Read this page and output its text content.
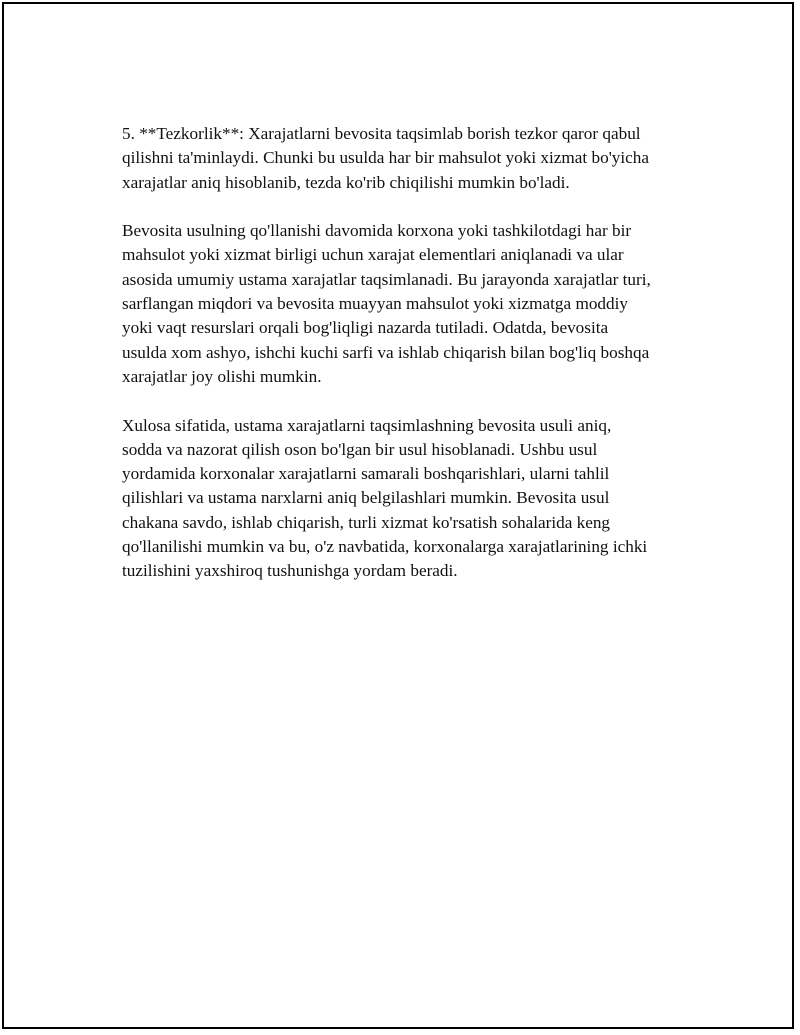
5. **Tezkorlik**: Xarajatlarni bevosita taqsimlab borish tezkor qaror qabul
qilishni ta'minlaydi. Chunki bu usulda har bir mahsulot yoki xizmat bo'yicha
xarajatlar aniq hisoblanib, tezda ko'rib chiqilishi mumkin bo'ladi.

Bevosita usulning qo'llanishi davomida korxona yoki tashkilotdagi har bir
mahsulot yoki xizmat birligi uchun xarajat elementlari aniqlanadi va ular
asosida umumiy ustama xarajatlar taqsimlanadi. Bu jarayonda xarajatlar turi,
sarflangan miqdori va bevosita muayyan mahsulot yoki xizmatga moddiy
yoki vaqt resurslari orqali bog'liqligi nazarda tutiladi. Odatda, bevosita
usulda xom ashyo, ishchi kuchi sarfi va ishlab chiqarish bilan bog'liq boshqa
xarajatlar joy olishi mumkin.

Xulosa sifatida, ustama xarajatlarni taqsimlashning bevosita usuli aniq,
sodda va nazorat qilish oson bo'lgan bir usul hisoblanadi. Ushbu usul
yordamida korxonalar xarajatlarni samarali boshqarishlari, ularni tahlil
qilishlari va ustama narxlarni aniq belgilashlari mumkin. Bevosita usul
chakana savdo, ishlab chiqarish, turli xizmat ko'rsatish sohalarida keng
qo'llanilishi mumkin va bu, o'z navbatida, korxonalarga xarajatlarining ichki
tuzilishini yaxshiroq tushunishga yordam beradi.
